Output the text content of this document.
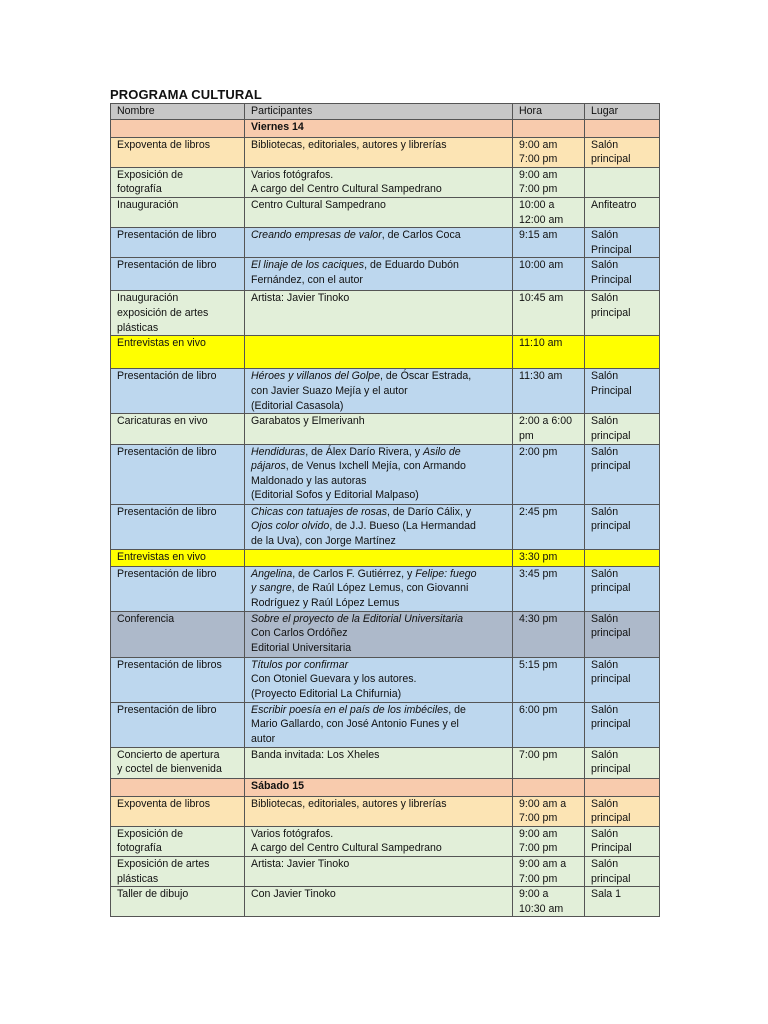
PROGRAMA CULTURAL
Nombre	Participantes	Hora	Lugar
	Viernes 14		

Expoventa de libros	Bibliotecas, editoriales, autores y librerías	9:00 am
7:00 pm	Salón
principal

Exposición de
fotografía	Varios fotógrafos.
A cargo del Centro Cultural Sampedrano	9:00 am
7:00 pm	

Inauguración	Centro Cultural Sampedrano	10:00 a
12:00 am	Anfiteatro

Presentación de libro	Creando empresas de valor, de Carlos Coca	9:15 am	Salón
Principal

Presentación de libro	El linaje de los caciques, de Eduardo Dubón
Fernández, con el autor	10:00 am	Salón
Principal

Inauguración
exposición de artes
plásticas	Artista: Javier Tinoko	10:45 am	Salón
principal

Entrevistas en vivo		11:10 am	

Presentación de libro	Héroes y villanos del Golpe, de Óscar Estrada,
con Javier Suazo Mejía y el autor
(Editorial Casasola)	11:30 am	Salón
Principal

Caricaturas en vivo	Garabatos y Elmerivanh	2:00 a 6:00
pm	Salón
principal

Presentación de libro	Hendiduras, de Álex Darío Rivera, y Asilo de
pájaros, de Venus Ixchell Mejía, con Armando
Maldonado y las autoras
(Editorial Sofos y Editorial Malpaso)	2:00 pm	Salón
principal

Presentación de libro	Chicas con tatuajes de rosas, de Darío Cálix, y
Ojos color olvido, de J.J. Bueso (La Hermandad
de la Uva), con Jorge Martínez	2:45 pm	Salón
principal

Entrevistas en vivo		3:30 pm	

Presentación de libro	Angelina, de Carlos F. Gutiérrez, y Felipe: fuego
y sangre, de Raúl López Lemus, con Giovanni
Rodríguez y Raúl López Lemus	3:45 pm	Salón
principal

Conferencia	Sobre el proyecto de la Editorial Universitaria
Con Carlos Ordóñez
Editorial Universitaria	4:30 pm	Salón
principal

Presentación de libros	Títulos por confirmar
Con Otoniel Guevara y los autores.
(Proyecto Editorial La Chifurnia)	5:15 pm	Salón
principal

Presentación de libro	Escribir poesía en el país de los imbéciles, de
Mario Gallardo, con José Antonio Funes y el
autor	6:00 pm	Salón
principal

Concierto de apertura
y coctel de bienvenida	Banda invitada: Los Xheles	7:00 pm	Salón
principal

	Sábado 15		

Expoventa de libros	Bibliotecas, editoriales, autores y librerías	9:00 am a
7:00 pm	Salón
principal

Exposición de
fotografía	Varios fotógrafos.
A cargo del Centro Cultural Sampedrano	9:00 am
7:00 pm	Salón
Principal

Exposición de artes
plásticas	Artista: Javier Tinoko	9:00 am a
7:00 pm	Salón
principal

Taller de dibujo	Con Javier Tinoko	9:00 a
10:30 am	Sala 1
